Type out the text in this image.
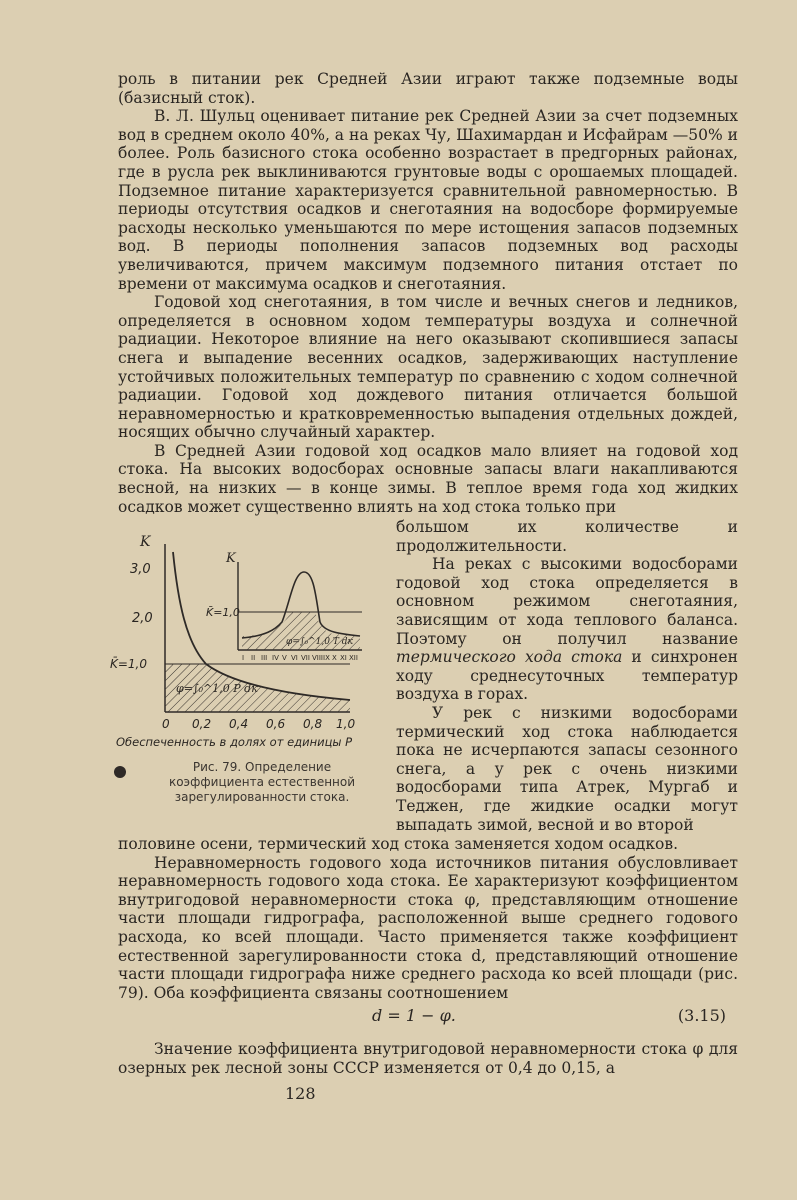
роль в питании рек Средней Азии играют также подземные воды (базисный сток).

В. Л. Шульц оценивает питание рек Средней Азии за счет подземных вод в среднем около 40%, а на реках Чу, Шахимардан и Исфайрам —50% и более. Роль базисного стока особенно возрастает в предгорных районах, где в русла рек выклиниваются грунтовые воды с орошаемых площадей. Подземное питание характеризуется сравнительной равномерностью. В периоды отсутствия осадков и снеготаяния на водосборе формируемые расходы несколько уменьшаются по мере истощения запасов подземных вод. В периоды пополнения запасов подземных вод расходы увеличиваются, причем максимум подземного питания отстает по времени от максимума осадков и снеготаяния.

Годовой ход снеготаяния, в том числе и вечных снегов и ледников, определяется в основном ходом температуры воздуха и солнечной радиации. Некоторое влияние на него оказывают скопившиеся запасы снега и выпадение весенних осадков, задерживающих наступление устойчивых положительных температур по сравнению с ходом солнечной радиации. Годовой ход дождевого питания отличается большой неравномерностью и кратковременностью выпадения отдельных дождей, носящих обычно случайный характер.

В Средней Азии годовой ход осадков мало влияет на годовой ход стока. На высоких водосборах основные запасы влаги накапливаются весной, на низких — в конце зимы. В теплое время года ход жидких осадков может существенно влиять на ход стока только при

K
3,0
2,0
K̄=1,0
φ=∫₀^1,0 P dк
0 0,2 0,4 0,6 0,8 1,0
Обеспеченность в долях от единицы P
K
K̄=1,0
φ=∫₀^1,0 T dк
I II III IV V VI VII VIII IX X XI XII

большом их количестве и продолжительности.

На реках с высокими водосборами годовой ход стока определяется в основном режимом снеготаяния, зависящим от хода теплового баланса. Поэтому он получил название термического хода стока и синхронен ходу среднесуточных температур воздуха в горах.

У рек с низкими водосборами термический ход стока наблюдается пока не исчерпаются запасы сезонного снега, а у рек с очень низкими водосборами типа Атрек, Мургаб и Теджен, где жидкие осадки могут выпадать зимой, весной и во второй

Рис. 79. Определение коэффициента естественной зарегулированности стока.

половине осени, термический ход стока заменяется ходом осадков.

Неравномерность годового хода источников питания обусловливает неравномерность годового хода стока. Ее характеризуют коэффициентом внутригодовой неравномерности стока φ, представляющим отношение части площади гидрографа, расположенной выше среднего годового расхода, ко всей площади. Часто применяется также коэффициент естественной зарегулированности стока d, представляющий отношение части площади гидрографа ниже среднего расхода ко всей площади (рис. 79). Оба коэффициента связаны соотношением

d = 1 − φ.	(3.15)

Значение коэффициента внутригодовой неравномерности стока φ для озерных рек лесной зоны СССР изменяется от 0,4 до 0,15, а

128
